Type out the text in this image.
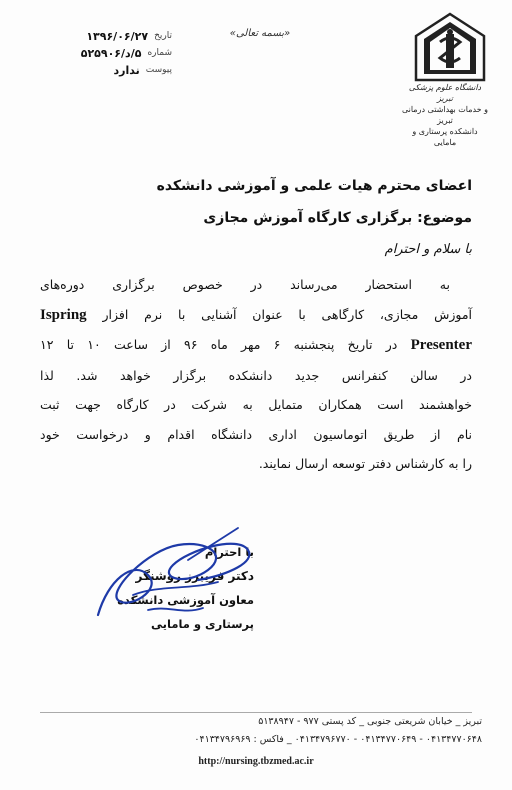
تاریخ
۱۳۹۶/۰۶/۲۷
شماره
۵/د/۵۲۵۹۰۶
پیوست
ندارد
«بسمه تعالی»
دانشگاه علوم پزشکی تبریز
و خدمات بهداشتی درمانی تبریز
دانشکده پرستاری و مامایی
اعضای محترم هیات علمی و آموزشی دانشکده
موضوع: برگزاری کارگاه آموزش مجازی
با سلام و احترام
به استحضار می‌رساند در خصوص برگزاری دوره‌های
آموزش مجازی، کارگاهی با عنوان آشنایی با نرم افزار Ispring
Presenter در تاریخ پنجشنبه ۶ مهر ماه ۹۶ از ساعت ۱۰ تا ۱۲
در سالن کنفرانس جدید دانشکده برگزار خواهد شد. لذا
خواهشمند است همکاران متمایل به شرکت در کارگاه جهت ثبت
نام از طریق اتوماسیون اداری دانشگاه اقدام و درخواست خود
را به کارشناس دفتر توسعه ارسال نمایند.
با احترام
دکتر فریبرز روشنگر
معاون آموزشی دانشکده
پرستاری و مامایی
تبریز _ خیابان شریعتی جنوبی _ کد پستی ۹۷۷ - ۵۱۳۸۹۴۷
۰۴۱۳۴۷۷۰۶۴۸ - ۰۴۱۳۴۷۷۰۶۴۹ - ۰۴۱۳۴۷۹۶۷۷۰ _ فاکس : ۰۴۱۳۴۷۹۶۹۶۹
http://nursing.tbzmed.ac.ir
